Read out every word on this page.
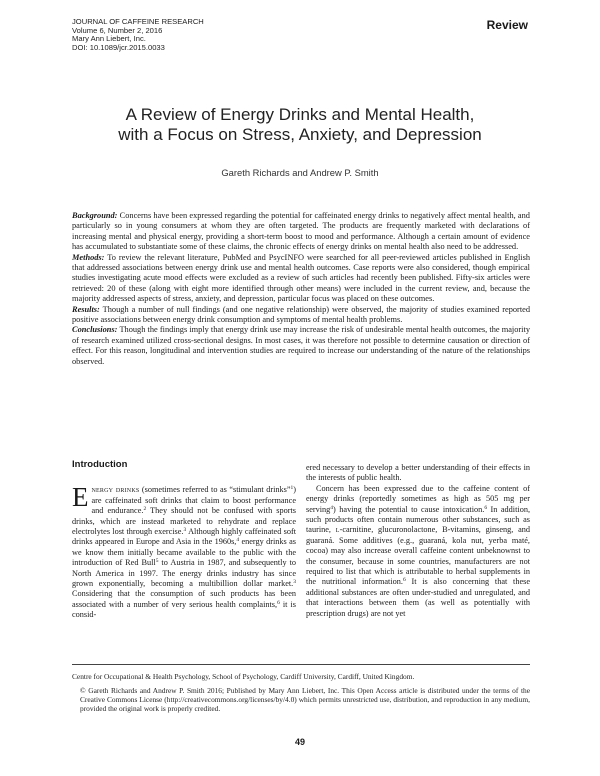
JOURNAL OF CAFFEINE RESEARCH
Volume 6, Number 2, 2016
Mary Ann Liebert, Inc.
DOI: 10.1089/jcr.2015.0033
Review
A Review of Energy Drinks and Mental Health,
with a Focus on Stress, Anxiety, and Depression
Gareth Richards and Andrew P. Smith

Background: Concerns have been expressed regarding the potential for caffeinated energy drinks to negatively affect mental health, and particularly so in young consumers at whom they are often targeted. The products are frequently marketed with declarations of increasing mental and physical energy, providing a short-term boost to mood and performance. Although a certain amount of evidence has accumulated to substantiate some of these claims, the chronic effects of energy drinks on mental health also need to be addressed.

Methods: To review the relevant literature, PubMed and PsycINFO were searched for all peer-reviewed articles published in English that addressed associations between energy drink use and mental health outcomes. Case reports were also considered, though empirical studies investigating acute mood effects were excluded as a review of such articles had recently been published. Fifty-six articles were retrieved: 20 of these (along with eight more identified through other means) were included in the current review, and, because the majority addressed aspects of stress, anxiety, and depression, particular focus was placed on these outcomes.

Results: Though a number of null findings (and one negative relationship) were observed, the majority of studies examined reported positive associations between energy drink consumption and symptoms of mental health problems.

Conclusions: Though the findings imply that energy drink use may increase the risk of undesirable mental health outcomes, the majority of research examined utilized cross-sectional designs. In most cases, it was therefore not possible to determine causation or direction of effect. For this reason, longitudinal and intervention studies are required to increase our understanding of the nature of the relationships observed.

Introduction

Energy drinks (sometimes referred to as “stimulant drinks”$^1$) are caffeinated soft drinks that claim to boost performance and endurance.$^2$ They should not be confused with sports drinks, which are instead marketed to rehydrate and replace electrolytes lost through exercise.$^3$ Although highly caffeinated soft drinks appeared in Europe and Asia in the 1960s,$^4$ energy drinks as we know them initially became available to the public with the introduction of Red Bull$^5$ to Austria in 1987, and subsequently to North America in 1997. The energy drinks industry has since grown exponentially, becoming a multibillion dollar market.$^3$ Considering that the consumption of such products has been associated with a number of very serious health complaints,$^6$ it is consid-

ered necessary to develop a better understanding of their effects in the interests of public health.

Concern has been expressed due to the caffeine content of energy drinks (reportedly sometimes as high as 505 mg per serving$^4$) having the potential to cause intoxication.$^6$ In addition, such products often contain numerous other substances, such as taurine, l-carnitine, glucuronolactone, B-vitamins, ginseng, and guaraná. Some additives (e.g., guaraná, kola nut, yerba maté, cocoa) may also increase overall caffeine content unbeknownst to the consumer, because in some countries, manufacturers are not required to list that which is attributable to herbal supplements in the nutritional information.$^6$ It is also concerning that these additional substances are often under-studied and unregulated, and that interactions between them (as well as potentially with prescription drugs) are not yet

Centre for Occupational & Health Psychology, School of Psychology, Cardiff University, Cardiff, United Kingdom.
© Gareth Richards and Andrew P. Smith 2016; Published by Mary Ann Liebert, Inc. This Open Access article is distributed under the terms of the Creative Commons License (http://creativecommons.org/licenses/by/4.0) which permits unrestricted use, distribution, and reproduction in any medium, provided the original work is properly credited.
49
